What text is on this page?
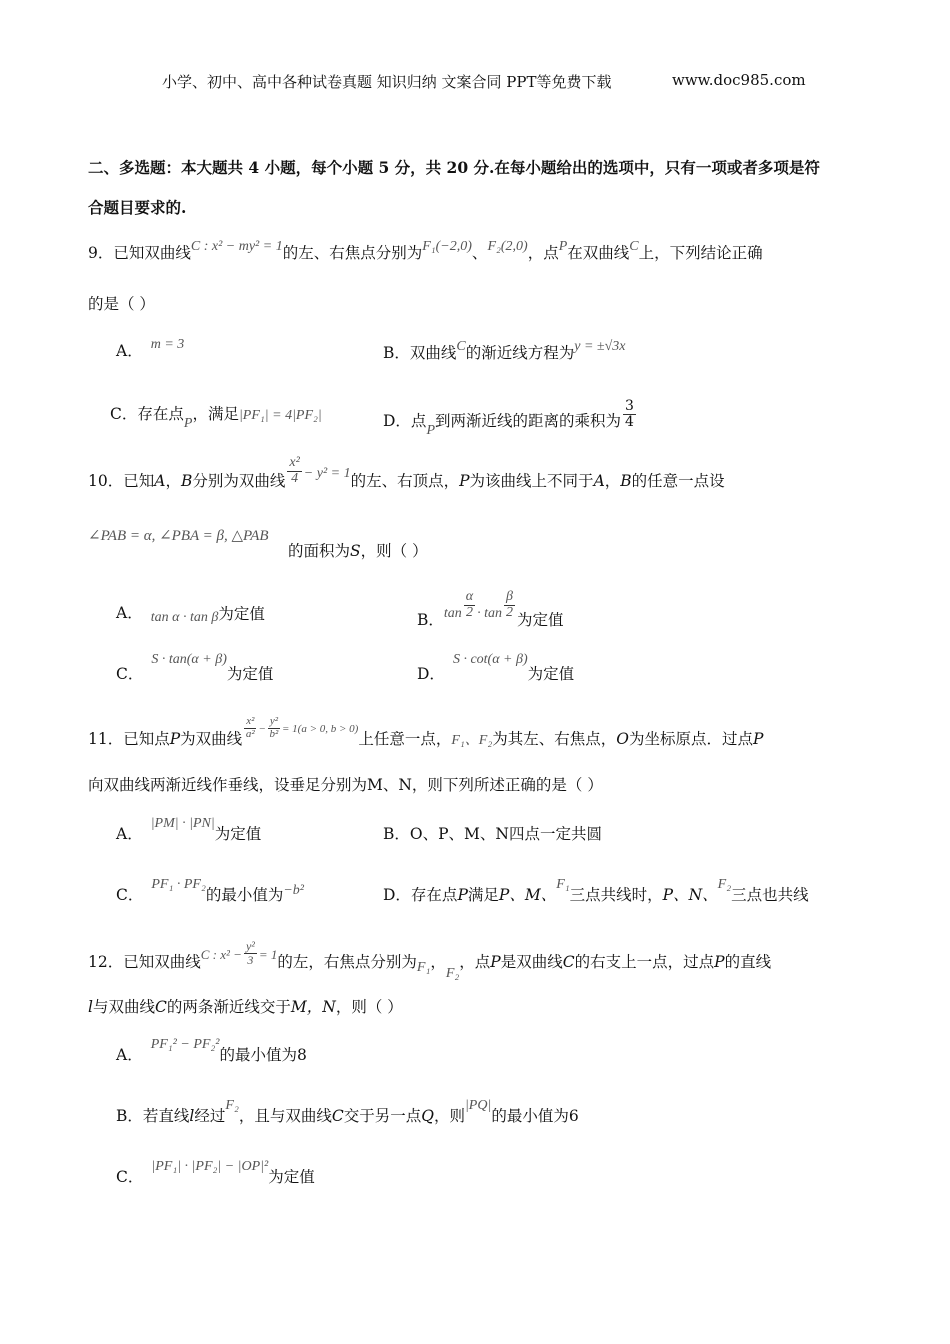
小学、初中、高中各种试卷真题 知识归纳 文案合同 PPT等免费下载	www.doc985.com
二、多选题：本大题共 4 小题，每个小题 5 分，共 20 分.在每小题给出的选项中，只有一项或者多项是符
合题目要求的.
9．已知双曲线C : x² − my² = 1的左、右焦点分别为F₁(−2,0)、F₂(2,0)，点P在双曲线C上，下列结论正确
的是（ ）
A． m = 3	B．双曲线C的渐近线方程为y = ±√3x
C．存在点P，满足|PF₁| = 4|PF₂|	D．点P到两渐近线的距离的乘积为 $\frac{3}{4}$
10．已知A，B分别为双曲线 $\frac{\text{x²}}{4} - y^2 = 1$的左、右顶点，P为该曲线上不同于A，B的任意一点设
∠PAB = α, ∠PBA = β, △PAB
的面积为S，则（ ）
A． tan α · tan β为定值	B．$\tan \frac{\alpha}{2} \cdot \tan \frac{\beta}{2}$ 为定值
C．S · tan(α + β)为定值	D．S · cot(α + β)为定值
11．已知点P为双曲线 $\frac{\text{x²}}{\text{a²}} - \frac{\text{y²}}{\text{b²}} = 1(a > 0$, b > 0)上任意一点，F₁、F₂为其左、右焦点，O为坐标原点．过点P
向双曲线两渐近线作垂线，设垂足分别为M、N，则下列所述正确的是（ ）
A．|PM| · |PN|为定值	B．O、P、M、N四点一定共圆
C．PF₁ · PF₂的最小值为−b²	D．存在点P满足P、M、F₁三点共线时，P、N、F₂三点也共线
12．已知双曲线C : $x^2 - \frac{\text{y²}}{3} = 1$的左，右焦点分别为F₁，F₂，点P是双曲线C的右支上一点，过点P的直线
l与双曲线C的两条渐近线交于M，N，则（ ）
A．PF₁² − PF₂²的最小值为8
B．若直线l经过F₂，且与双曲线C交于另一点Q，则|PQ|的最小值为6
C．|PF₁| · |PF₂| − |OP|²为定值
